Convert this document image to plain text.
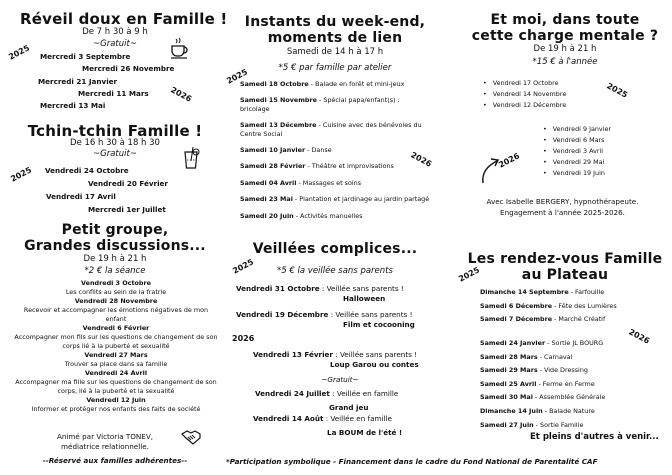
Réveil doux en Famille !
De 7 h 30 à 9 h
~Gratuit~
2025
2026
Mercredi 3 Septembre
Mercredi 26 Novembre
Mercredi 21 Janvier
Mercredi 11 Mars
Mercredi 13 Mai
Tchin-tchin Famille !
De 16 h 30 à 18 h 30
~Gratuit~
2025 Vendredi 24 Octobre
Vendredi 20 Février
Vendredi 17 Avril
Mercredi 1er Juillet
Petit groupe,
Grandes discussions...
De 19 h à 21 h
*2 € la séance
Vendredi 3 Octobre
Les conflits au sein de la fratrie
Vendredi 28 Novembre
Recevoir et accompagner les émotions négatives de mon enfant
Vendredi 6 Février
Accompagner mon fils sur les questions de changement de son corps lié à la puberté et sexualité
Vendredi 27 Mars
Trouver sa place dans sa famille
Vendredi 24 Avril
Accompagner ma fille sur les questions de changement de son corps, lié à la puberté et la sexualité
Vendredi 12 Juin
Informer et protéger nos enfants des faits de société
Animé par Victoria TONEV,
médiatrice relationnelle.
--Réservé aux familles adhérentes--
Instants du week-end,
moments de lien
Samedi de 14 h à 17 h
*5 € par famille par atelier
2025
2026
Samedi 18 Octobre - Balade en forêt et mini-jeux
Samedi 15 Novembre - Spécial papa/enfant(s) : bricolage
Samedi 13 Décembre - Cuisine avec des bénévoles du Centre Social
Samedi 10 Janvier - Danse
Samedi 28 Février - Théâtre et improvisations
Samedi 04 Avril - Massages et soins
Samedi 23 Mai - Plantation et jardinage au jardin partagé
Samedi 20 Juin - Activités manuelles
Veillées complices...
*5 € la veillée sans parents
2025
2026
Vendredi 31 Octobre : Veillée sans parents !
Halloween
Vendredi 19 Décembre : Veillée sans parents !
Film et cocooning
Vendredi 13 Février : Veillée sans parents !
Loup Garou ou contes
~Gratuit~
Vendredi 24 Juillet : Veillée en famille
Grand jeu
Vendredi 14 Août : Veillée en famille
La BOUM de l'été !
Et moi, dans toute
cette charge mentale ?
De 19 h à 21 h
*15 € à l'année
2025
2026
• Vendredi 17 Octobre
• Vendredi 14 Novembre
• Vendredi 12 Décembre
• Vendredi 9 Janvier
• Vendredi 6 Mars
• Vendredi 3 Avril
• Vendredi 29 Mai
• Vendredi 19 Juin
Avec Isabelle BERGERY, hypnothérapeute.
Engagement à l'année 2025-2026.
Les rendez-vous Famille
au Plateau
2025
2026
Dimanche 14 Septembre - Farfouille
Samedi 6 Décembre - Fête des Lumières
Samedi 7 Décembre - Marché Créatif
Samedi 24 Janvier - Sortie JL BOURG
Samedi 28 Mars - Carnaval
Samedi 29 Mars - Vide Dressing
Samedi 25 Avril - Ferme en Ferme
Samedi 30 Mai - Assemblée Générale
Dimanche 14 Juin - Balade Nature
Samedi 27 Juin - Sortie Famille
Et pleins d'autres à venir...
*Participation symbolique - Financement dans le cadre du Fond National de Parentalité CAF
